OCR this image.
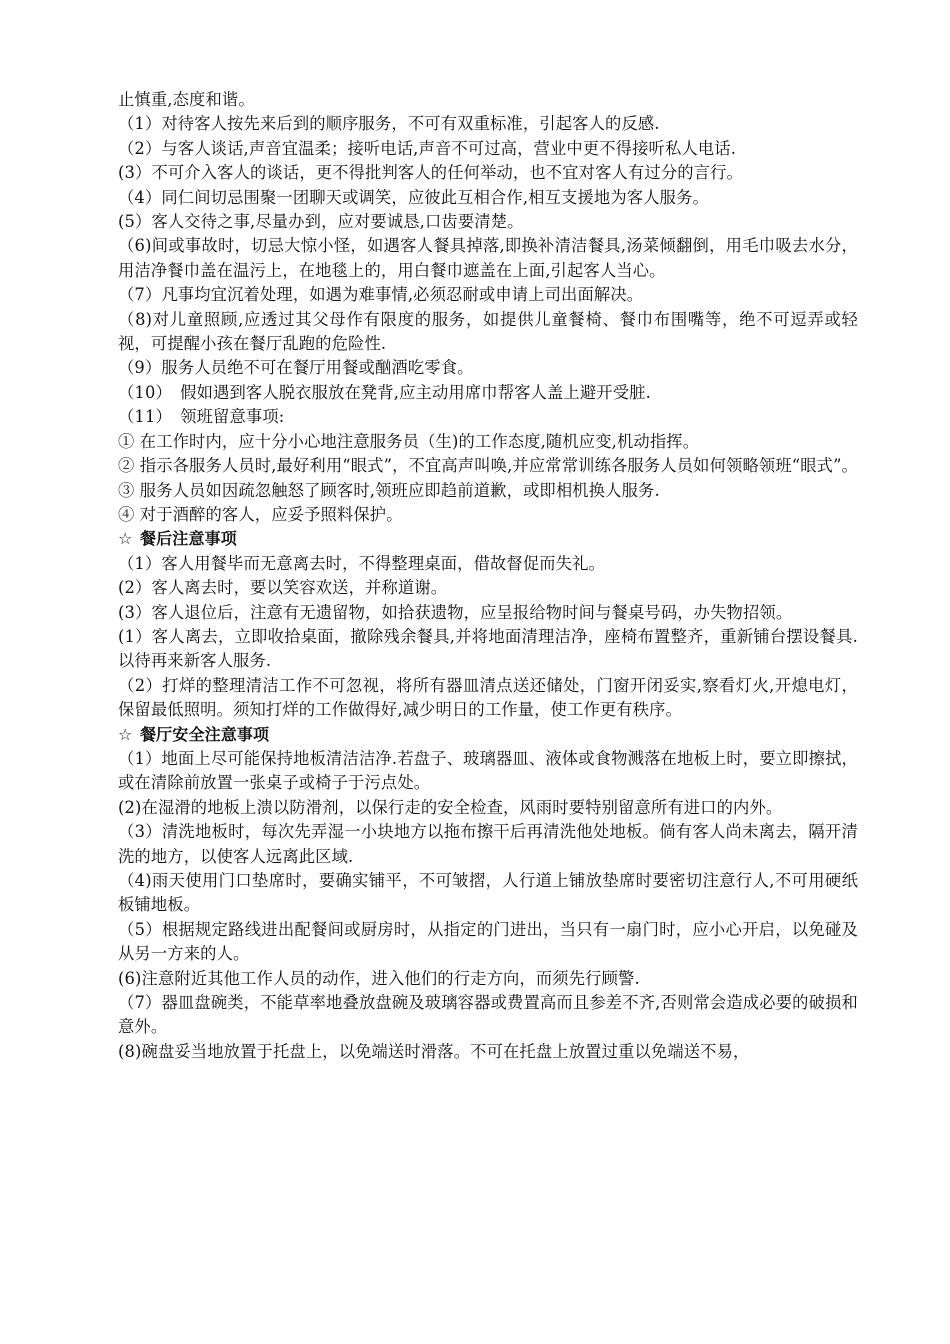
止慎重,态度和谐。

（1）对待客人按先来后到的顺序服务，不可有双重标准，引起客人的反感.

（2）与客人谈话,声音宜温柔；接听电话,声音不可过高，营业中更不得接听私人电话.

(3）不可介入客人的谈话，更不得批判客人的任何举动，也不宜对客人有过分的言行。

（4）同仁间切忌围聚一团聊天或调笑，应彼此互相合作,相互支援地为客人服务。

(5）客人交待之事,尽量办到，应对要诚恳,口齿要清楚。

（6)间或事故时，切忌大惊小怪，如遇客人餐具掉落,即换补清洁餐具,汤菜倾翻倒，用毛巾吸去水分，用洁净餐巾盖在温污上，在地毯上的，用白餐巾遮盖在上面,引起客人当心。

（7）凡事均宜沉着处理，如遇为难事情,必须忍耐或申请上司出面解决。

（8)对儿童照顾,应透过其父母作有限度的服务，如提供儿童餐椅、餐巾布围嘴等，绝不可逗弄或轻视，可提醒小孩在餐厅乱跑的危险性.

（9）服务人员绝不可在餐厅用餐或酗酒吃零食。

（10）　假如遇到客人脱衣服放在凳背,应主动用席巾帮客人盖上避开受脏.

（11）　领班留意事项:

① 在工作时内，应十分小心地注意服务员（生)的工作态度,随机应变,机动指挥。

② 指示各服务人员时,最好利用“眼式”，不宜高声叫唤,并应常常训练各服务人员如何领略领班“眼式”。

③ 服务人员如因疏忽触怒了顾客时,领班应即趋前道歉，或即相机换人服务.

④ 对于酒醉的客人，应妥予照料保护。

☆ 餐后注意事项

（1）客人用餐毕而无意离去时，不得整理桌面，借故督促而失礼。

(2）客人离去时，要以笑容欢送，并称道谢。

(3）客人退位后，注意有无遗留物，如拾获遗物，应呈报给物时间与餐桌号码，办失物招领。

(1）客人离去，立即收拾桌面，撤除残余餐具,并将地面清理洁净，座椅布置整齐，重新铺台摆设餐具. 以待再来新客人服务.

（2）打烊的整理清洁工作不可忽视，将所有器皿清点送还储处，门窗开闭妥实,察看灯火,开熄电灯，保留最低照明。须知打烊的工作做得好,减少明日的工作量，使工作更有秩序。

☆ 餐厅安全注意事项

（1）地面上尽可能保持地板清洁洁净.若盘子、玻璃器皿、液体或食物溅落在地板上时，要立即擦拭，或在清除前放置一张桌子或椅子于污点处。

(2)在湿滑的地板上溃以防滑剂，以保行走的安全检查，风雨时要特别留意所有进口的内外。

（3）清洗地板时，每次先弄湿一小块地方以拖布擦干后再清洗他处地板。倘有客人尚未离去，隔开清洗的地方，以使客人远离此区域.

（4)雨天使用门口垫席时，要确实铺平，不可皱摺，人行道上铺放垫席时要密切注意行人,不可用硬纸板铺地板。

（5）根据规定路线进出配餐间或厨房时，从指定的门进出，当只有一扇门时，应小心开启，以免碰及从另一方来的人。

(6)注意附近其他工作人员的动作，进入他们的行走方向，而须先行顾警.

（7）器皿盘碗类，不能草率地叠放盘碗及玻璃容器或费置高而且参差不齐,否则常会造成必要的破损和意外。

(8)碗盘妥当地放置于托盘上，以免端送时滑落。不可在托盘上放置过重以免端送不易，
